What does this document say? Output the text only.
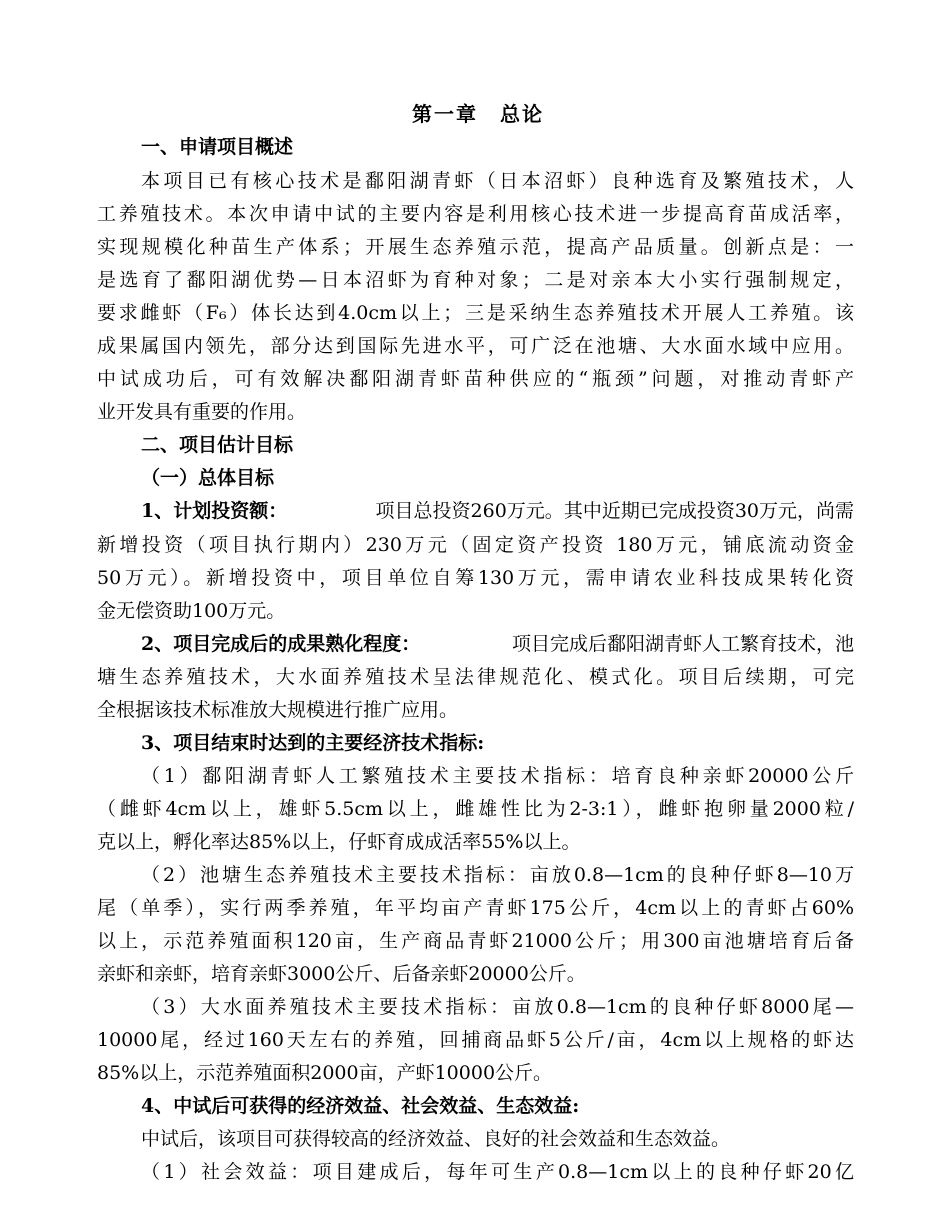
第一章　总论
一、申请项目概述
本项目已有核心技术是鄱阳湖青虾（日本沼虾）良种选育及繁殖技术，人
工养殖技术。本次申请中试的主要内容是利用核心技术进一步提高育苗成活率，
实现规模化种苗生产体系；开展生态养殖示范，提高产品质量。创新点是：一
是选育了鄱阳湖优势—日本沼虾为育种对象；二是对亲本大小实行强制规定，
要求雌虾（F₆）体长达到4.0cm以上；三是采纳生态养殖技术开展人工养殖。该
成果属国内领先，部分达到国际先进水平，可广泛在池塘、大水面水域中应用。
中试成功后，可有效解决鄱阳湖青虾苗种供应的“瓶颈”问题，对推动青虾产
业开发具有重要的作用。
二、项目估计目标
（一）总体目标
1、计划投资额：	项目总投资260万元。其中近期已完成投资30万元，尚需
新增投资（项目执行期内）230万元（固定资产投资 180万元，铺底流动资金
50万元）。新增投资中，项目单位自筹130万元，需申请农业科技成果转化资
金无偿资助100万元。
2、项目完成后的成果熟化程度：	项目完成后鄱阳湖青虾人工繁育技术，池
塘生态养殖技术，大水面养殖技术呈法律规范化、模式化。项目后续期，可完
全根据该技术标准放大规模进行推广应用。
3、项目结束时达到的主要经济技术指标:
（1）鄱阳湖青虾人工繁殖技术主要技术指标：培育良种亲虾20000公斤
（雌虾4cm以上，雄虾5.5cm以上，雌雄性比为2-3:1），雌虾抱卵量2000粒/
克以上，孵化率达85%以上，仔虾育成成活率55%以上。
（2）池塘生态养殖技术主要技术指标：亩放0.8—1cm的良种仔虾8—10万
尾（单季），实行两季养殖，年平均亩产青虾175公斤，4cm以上的青虾占60%
以上，示范养殖面积120亩，生产商品青虾21000公斤；用300亩池塘培育后备
亲虾和亲虾，培育亲虾3000公斤、后备亲虾20000公斤。
（3）大水面养殖技术主要技术指标：亩放0.8—1cm的良种仔虾8000尾—
10000尾，经过160天左右的养殖，回捕商品虾5公斤/亩，4cm以上规格的虾达
85%以上，示范养殖面积2000亩，产虾10000公斤。
4、中试后可获得的经济效益、社会效益、生态效益:
中试后，该项目可获得较高的经济效益、良好的社会效益和生态效益。
（1）社会效益：项目建成后，每年可生产0.8—1cm以上的良种仔虾20亿
